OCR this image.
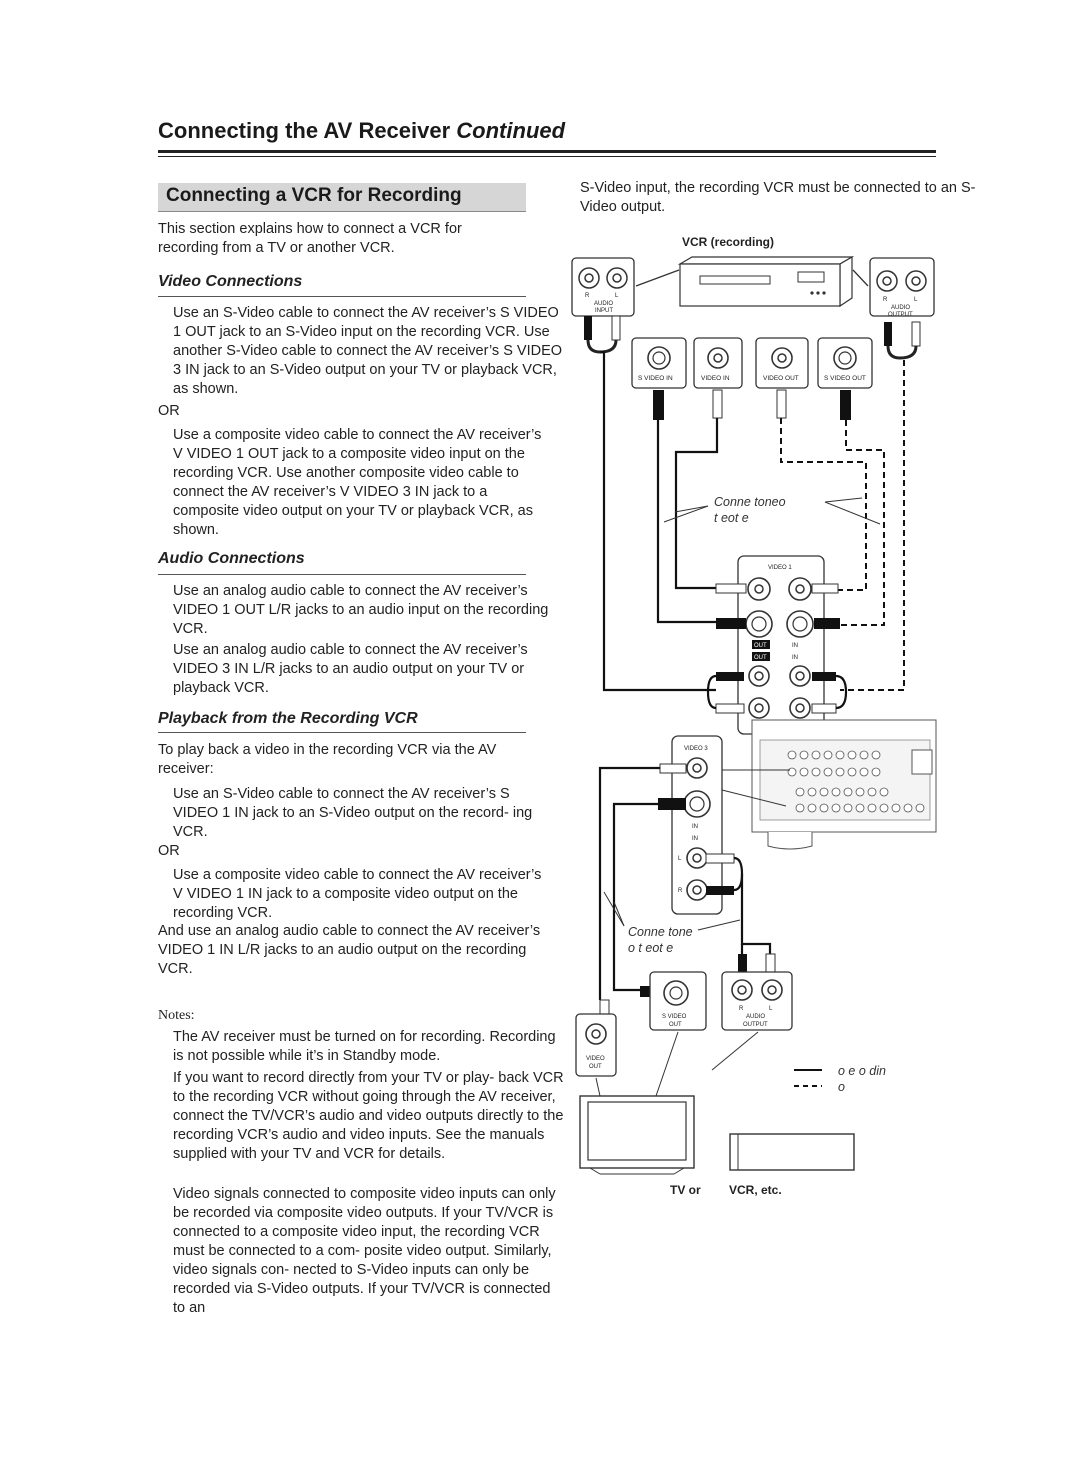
Connecting the AV Receiver Continued
Connecting a VCR for Recording

This section explains how to connect a VCR for recording from a TV or another VCR.

Video Connections

Use an S-Video cable to connect the AV receiver’s S VIDEO 1 OUT jack to an S-Video input on the recording VCR. Use another S-Video cable to connect the AV receiver’s S VIDEO 3 IN jack to an S-Video output on your TV or playback VCR, as shown.

OR

Use a composite video cable to connect the AV receiver’s V VIDEO 1 OUT jack to a composite video input on the recording VCR. Use another composite video cable to connect the AV receiver’s V VIDEO 3 IN jack to a composite video output on your TV or playback VCR, as shown.

Audio Connections

Use an analog audio cable to connect the AV receiver’s VIDEO 1 OUT L/R jacks to an audio input on the recording VCR.

Use an analog audio cable to connect the AV receiver’s VIDEO 3 IN L/R jacks to an audio output on your TV or playback VCR.

Playback from the Recording VCR

To play back a video in the recording VCR via the AV receiver:

Use an S-Video cable to connect the AV receiver’s S VIDEO 1 IN jack to an S-Video output on the record- ing VCR.

OR

Use a composite video cable to connect the AV receiver’s V VIDEO 1 IN jack to a composite video output on the recording VCR.

And use an analog audio cable to connect the AV receiver’s VIDEO 1 IN L/R jacks to an audio output on the recording VCR.

Notes:

The AV receiver must be turned on for recording. Recording is not possible while it’s in Standby mode.

If you want to record directly from your TV or play- back VCR to the recording VCR without going through the AV receiver, connect the TV/VCR’s audio and video outputs directly to the recording VCR’s audio and video inputs. See the manuals supplied with your TV and VCR for details.

Video signals connected to composite video inputs can only be recorded via composite video outputs. If your TV/VCR is connected to a composite video input, the recording VCR must be connected to a com- posite video output. Similarly, video signals con- nected to S-Video inputs can only be recorded via S-Video outputs. If your TV/VCR is connected to an

S-Video input, the recording VCR must be connected to an S-Video output.

VCR (recording)
R	L
AUDIO
INPUT
R	L
AUDIO
OUTPUT
S VIDEO IN	VIDEO IN	VIDEO OUT	S VIDEO OUT
Conne toneo
t eot e
VIDEO 1
OUT	IN
OUT	IN
VIDEO 3
IN
IN
L
R
Conne tone
o t eot e
S VIDEO
OUT
R	L
AUDIO
OUTPUT
VIDEO
OUT	o e o din
o
TV or VCR, etc.
